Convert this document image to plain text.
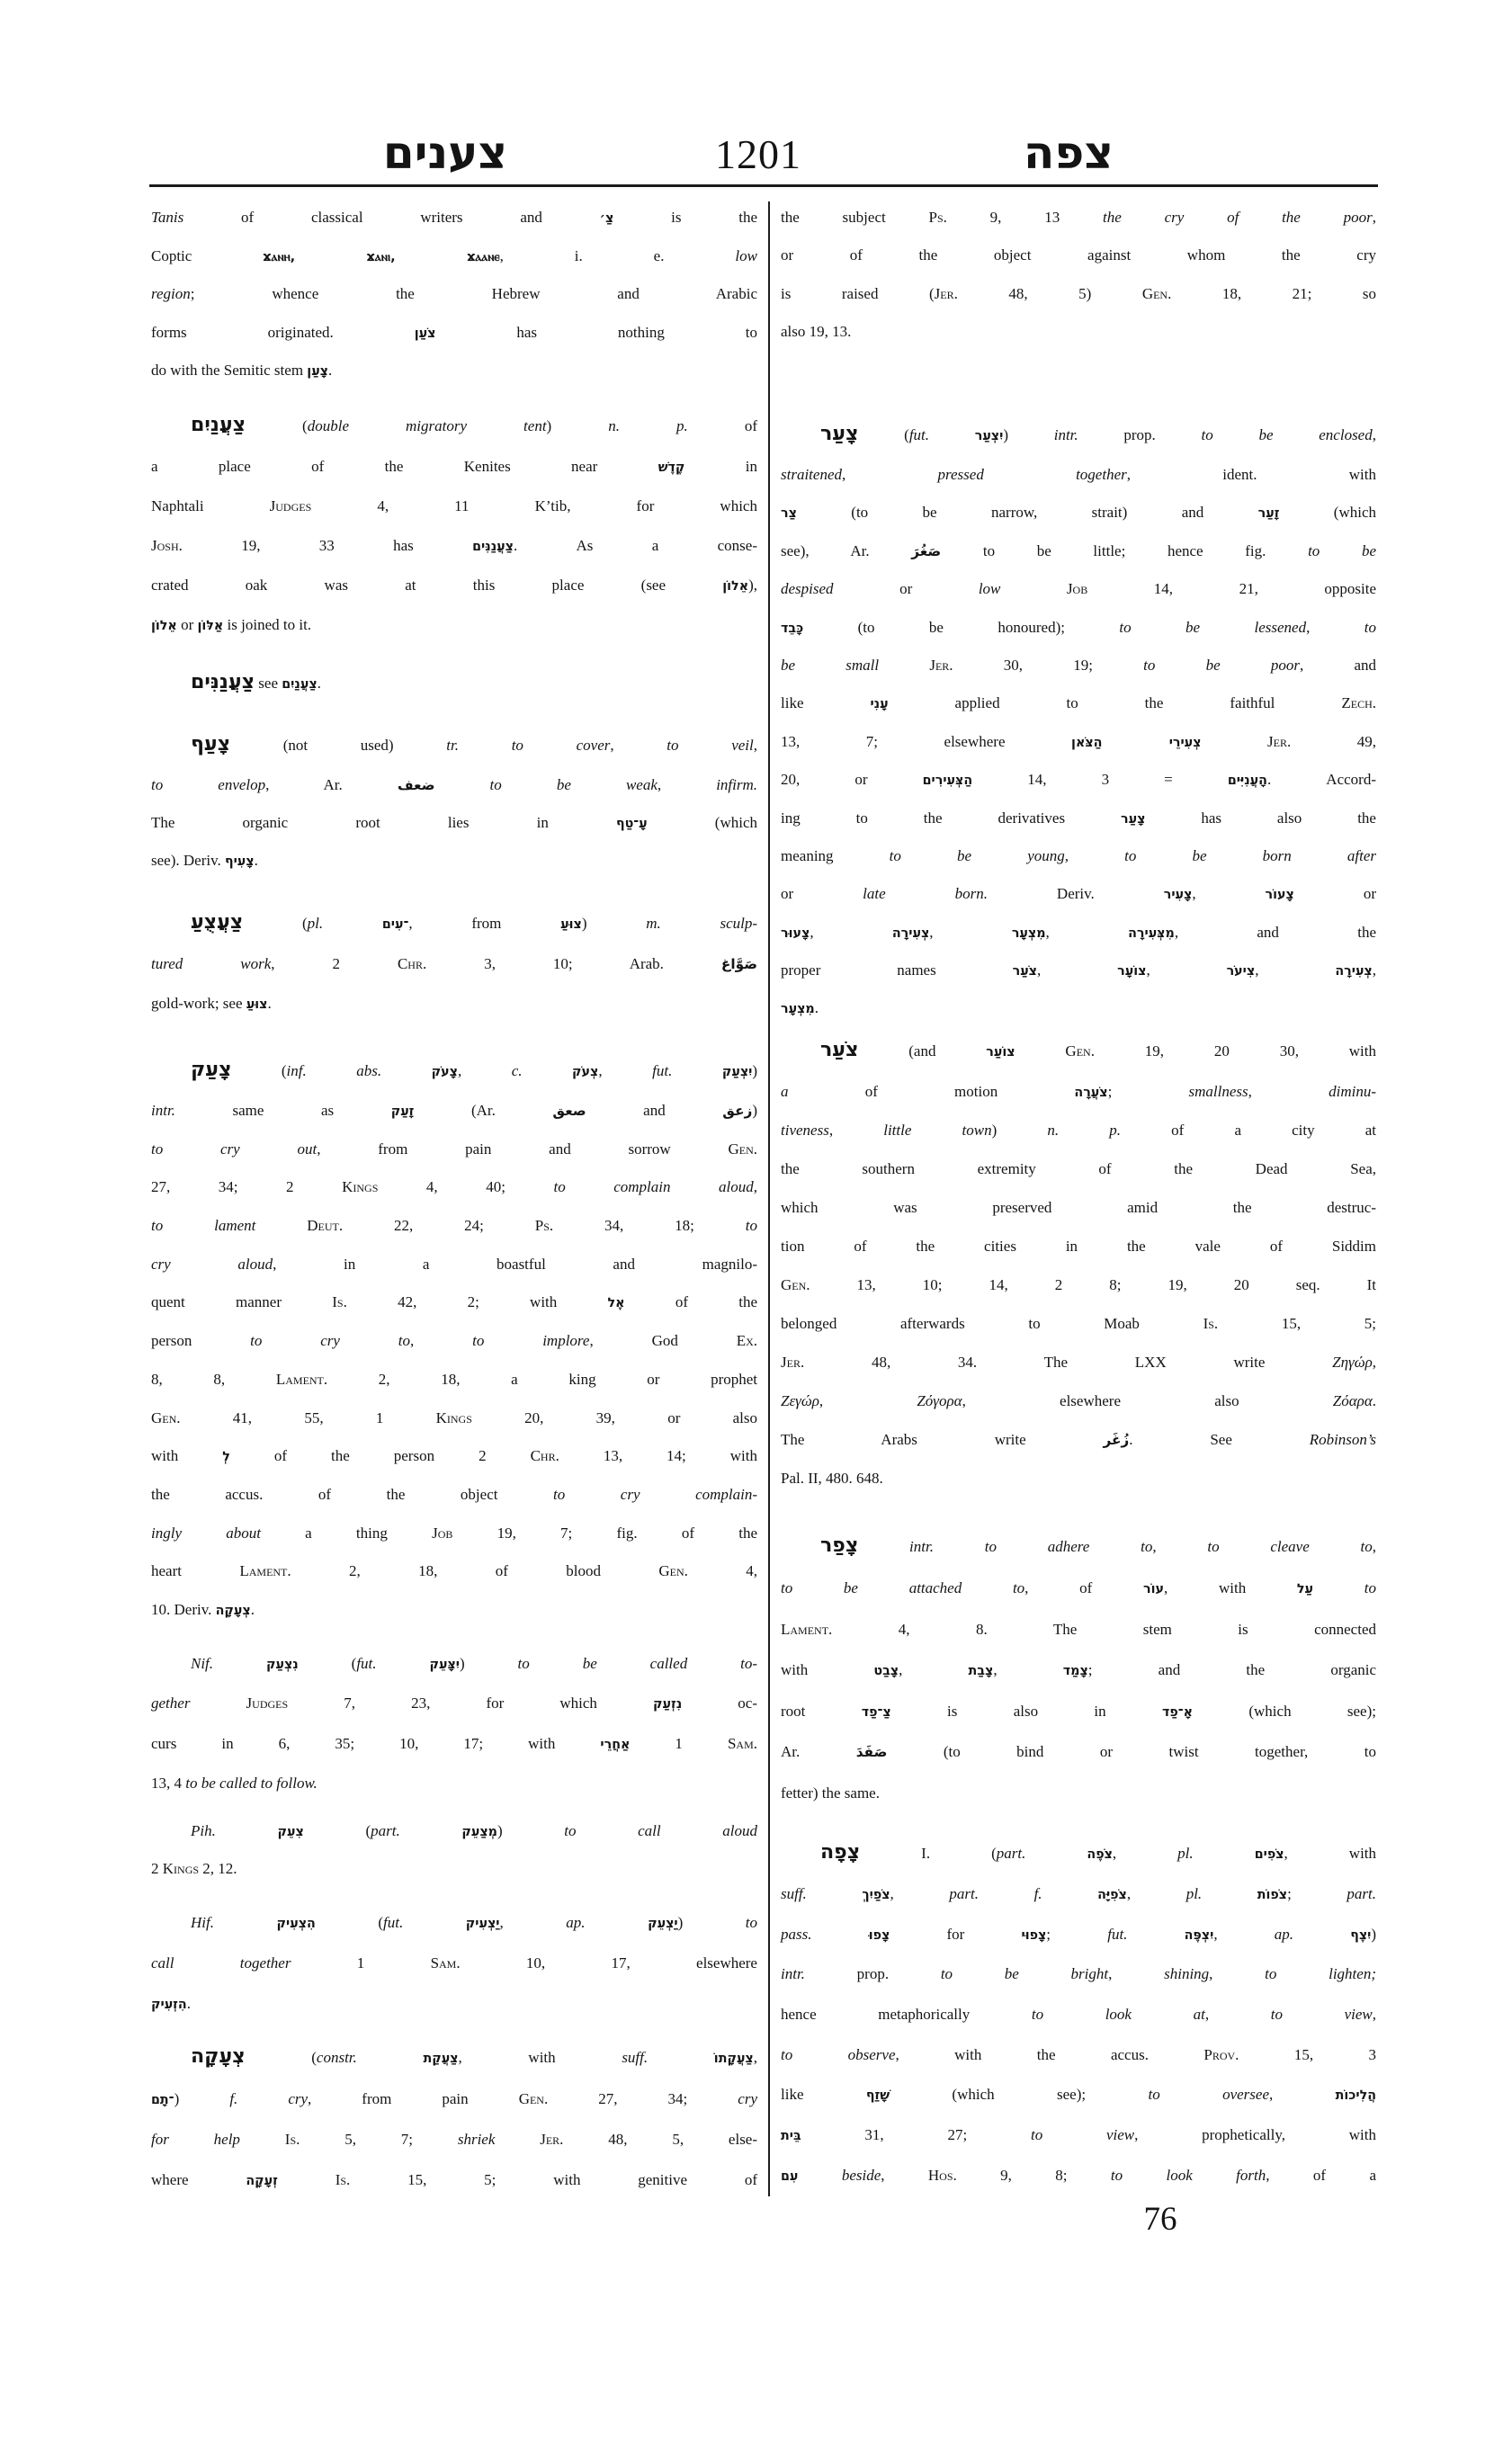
צענים	1201	צפה
Tanis of classical writers and צַ׳ is the
Coptic ϫⲁⲛⲏ, ϫⲁⲛⲓ, ϫⲁⲁⲛⲉ, i. e. low
region; whence the Hebrew and Arabic
forms originated. צֹעַן has nothing to
do with the Semitic stem צָעַן.
צַעֲנַיִם (double migratory tent) n. p. of
a place of the Kenites near קֶדֶשׁ in
Naphtali Judges 4, 11 K’tib, for which
Josh. 19, 33 has צַעֲנַנִּים. As a conse-
crated oak was at this place (see אֵלוֹן),
אֵלוֹן or אַלּוֹן is joined to it.
צַעֲנַנִּים see צַעֲנַיִם.
צָעַף (not used) tr. to cover, to veil,
to envelop, Ar. ضعف	to be weak, infirm.
The organic root lies in עָ־טַף (which
see). Deriv. צָעִיף.
צַעֲצֻעַ (pl.	־עִים, from צוּעַ) m. sculp-
tured work, 2 Chr. 3, 10; Arab. صَوَّاغ
gold-work; see צוּעַ.
צָעַק (inf. abs. צָעֹק, c. צְעֹק, fut. יִצְעַק)
intr. same as זָעַק (Ar. صعق and زعق)
to cry out, from pain and sorrow Gen.
27, 34; 2 Kings 4, 40; to complain aloud,
to lament	Deut. 22, 24; Ps. 34, 18; to
cry aloud, in a boastful and magnilo-
quent manner Is. 42, 2; with אֶל of the
person to cry to, to implore, God Ex.
8, 8, Lament. 2, 18, a king or prophet
Gen. 41, 55, 1 Kings 20, 39, or also
with לְ of the person 2 Chr. 13, 14; with
the accus. of the object to cry complain-
ingly about a thing Job 19, 7; fig. of the
heart Lament. 2, 18, of blood Gen. 4,
10. Deriv. צְעָקָה.
Nif.	נִצְעַק (fut.	יִצָּעֵק) to be called to-
gether	Judges 7, 23, for which נִזְעַק oc-
curs in 6, 35; 10, 17; with אַחֲרֵי 1 Sam.
13, 4 to be called to follow.
Pih.	צִעֵק (part.	מְצַעֵק) to call aloud
2 Kings 2, 12.
Hif.	הִצְעִיק (fut.	יַצְעִיק, ap.	יַצְעֵק) to
call together 1 Sam. 10, 17, elsewhere
הִזְעִיק.
צְעָקָה (constr. צַעֲקַת, with suff. צַעֲקָתוֹ,
־תָם) f. cry, from pain Gen. 27, 34; cry
for help	Is. 5, 7; shriek	Jer. 48, 5, else-
where זְעָקָה	Is. 15, 5; with genitive of
the subject Ps. 9, 13 the cry of the poor,
or of the object against whom the cry
is raised (Jer. 48, 5) Gen. 18, 21; so
also 19, 13.
צָעַר (fut. יִצְעַר) intr. prop. to be enclosed,
straitened, pressed together, ident. with
צַר (to be narrow, strait) and זָעַר (which
see), Ar. صَغُرَ to be little; hence fig. to be
despised or low	Job 14, 21, opposite
כָּבֵד (to be honoured); to be lessened, to
be small	Jer. 30, 19; to be poor, and
like עָנִי applied to the faithful Zech.
13, 7; elsewhere צְעִירֵי הַצֹּאן	Jer. 49,
20, or הַצְּעִירִים 14, 3 = הָעֲנִיִּים. Accord-
ing to the derivatives צָעַר has also the
meaning to be young, to be born after
or late born. Deriv. צָעִיר, צָעוֹר or
צָעוּר, צְעִירָה, מִצְעָר, מִצְּעִירָה, and the
proper names צֹעַר, צוֹעָר, צִיעֹר, צְעִירָה,
מִצְעָר.
צֹעַר (and צוֹעַר	Gen. 19, 20 30, with
a of motion צֹעֲרָה; smallness, diminu-
tiveness, little town) n. p. of a city at
the southern extremity of the Dead Sea,
which was preserved amid the destruc-
tion of the cities in the vale of Siddim
Gen. 13, 10; 14, 2 8; 19, 20 seq. It
belonged afterwards to Moab Is. 15, 5;
Jer. 48, 34. The LXX write Ζηγώρ,
Ζεγώρ, Ζόγορα, elsewhere also Ζόαρα.
The Arabs write زُغَر. See Robinson’s
Pal. II, 480. 648.
צָפַר	intr. to adhere to, to cleave to,
to be attached to, of עוֹר, with עַל	to
Lament. 4, 8. The stem is connected
with צָבַט, צָבַת, צָמַד; and the organic
root צַ־פַד is also in אָ־פַד (which see);
Ar. صَفَدَ (to bind or twist together, to
fetter) the same.
צָפָה I. (part.	צֹפֶה, pl.	צֹפִים, with
suff.	צֹפַיִךְ, part. f.	צֹפִיָּה, pl.	צֹפוֹת; part.
pass.	צָפוּ for צָפוּי; fut.	יִצְפֶּה, ap.	יִצֶף)
intr. prop. to be bright, shining, to lighten;
hence metaphorically to look at, to view,
to observe, with the accus. Prov. 15, 3
like שָׁזַף (which see); to oversee, הֲלִיכוֹת
בֵּית 31, 27; to view, prophetically, with
עִם	beside, Hos. 9, 8; to look forth, of a
76
